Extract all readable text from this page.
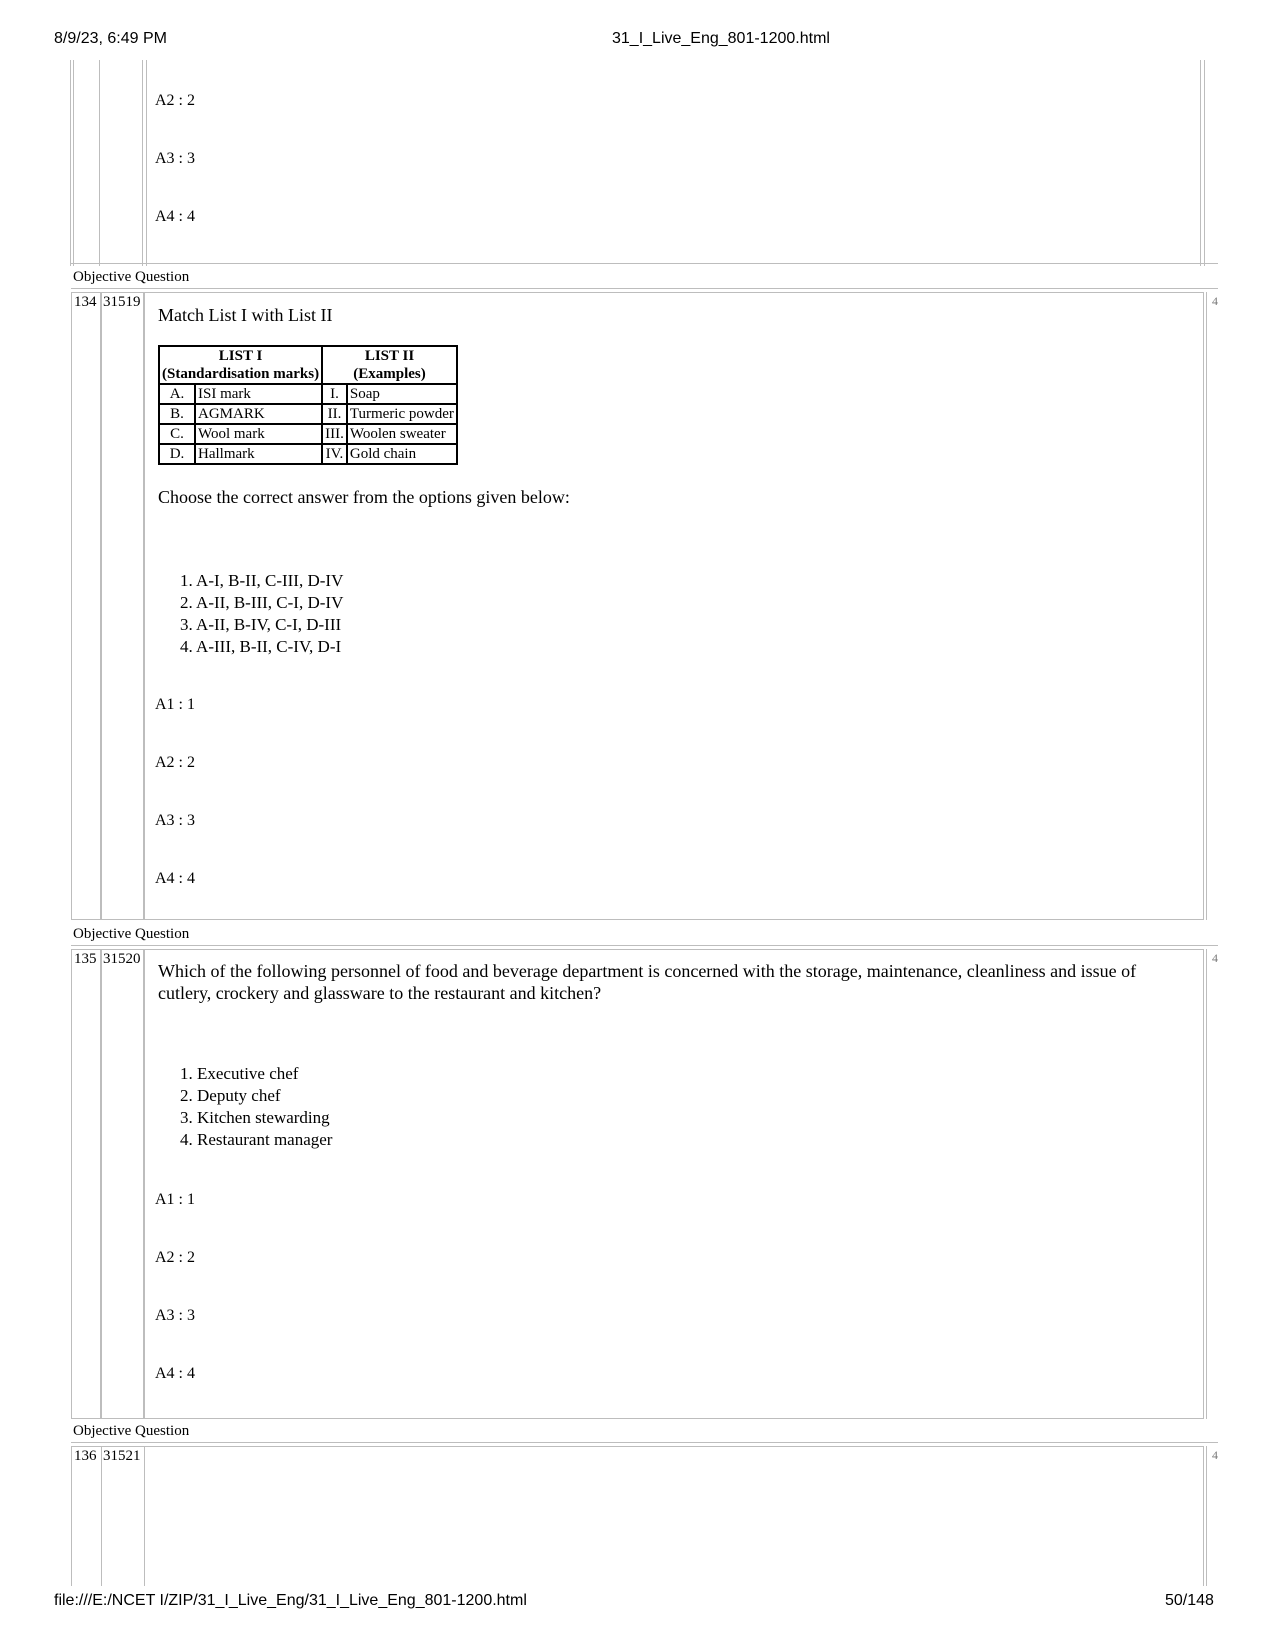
8/9/23, 6:49 PM	31_I_Live_Eng_801-1200.html
file:///E:/NCET I/ZIP/31_I_Live_Eng/31_I_Live_Eng_801-1200.html	50/148
A2 : 2
A3 : 3
A4 : 4
Objective Question
134 31519	4
Match List I with List II
LIST I
(Standardisation marks)		LIST II
(Examples)	
A.	ISI mark	I.	Soap
B.	AGMARK	II.	Turmeric powder
C.	Wool mark	III.	Woolen sweater
D.	Hallmark	IV.	Gold chain
Choose the correct answer from the options given below:
1. A-I, B-II, C-III, D-IV
2. A-II, B-III, C-I, D-IV
3. A-II, B-IV, C-I, D-III
4. A-III, B-II, C-IV, D-I
A1 : 1
A2 : 2
A3 : 3
A4 : 4
Objective Question
135 31520	4
Which of the following personnel of food and beverage department is concerned with the storage, maintenance, cleanliness and issue of cutlery, crockery and glassware to the restaurant and kitchen?
1. Executive chef
2. Deputy chef
3. Kitchen stewarding
4. Restaurant manager
A1 : 1
A2 : 2
A3 : 3
A4 : 4
Objective Question
136 31521	4
